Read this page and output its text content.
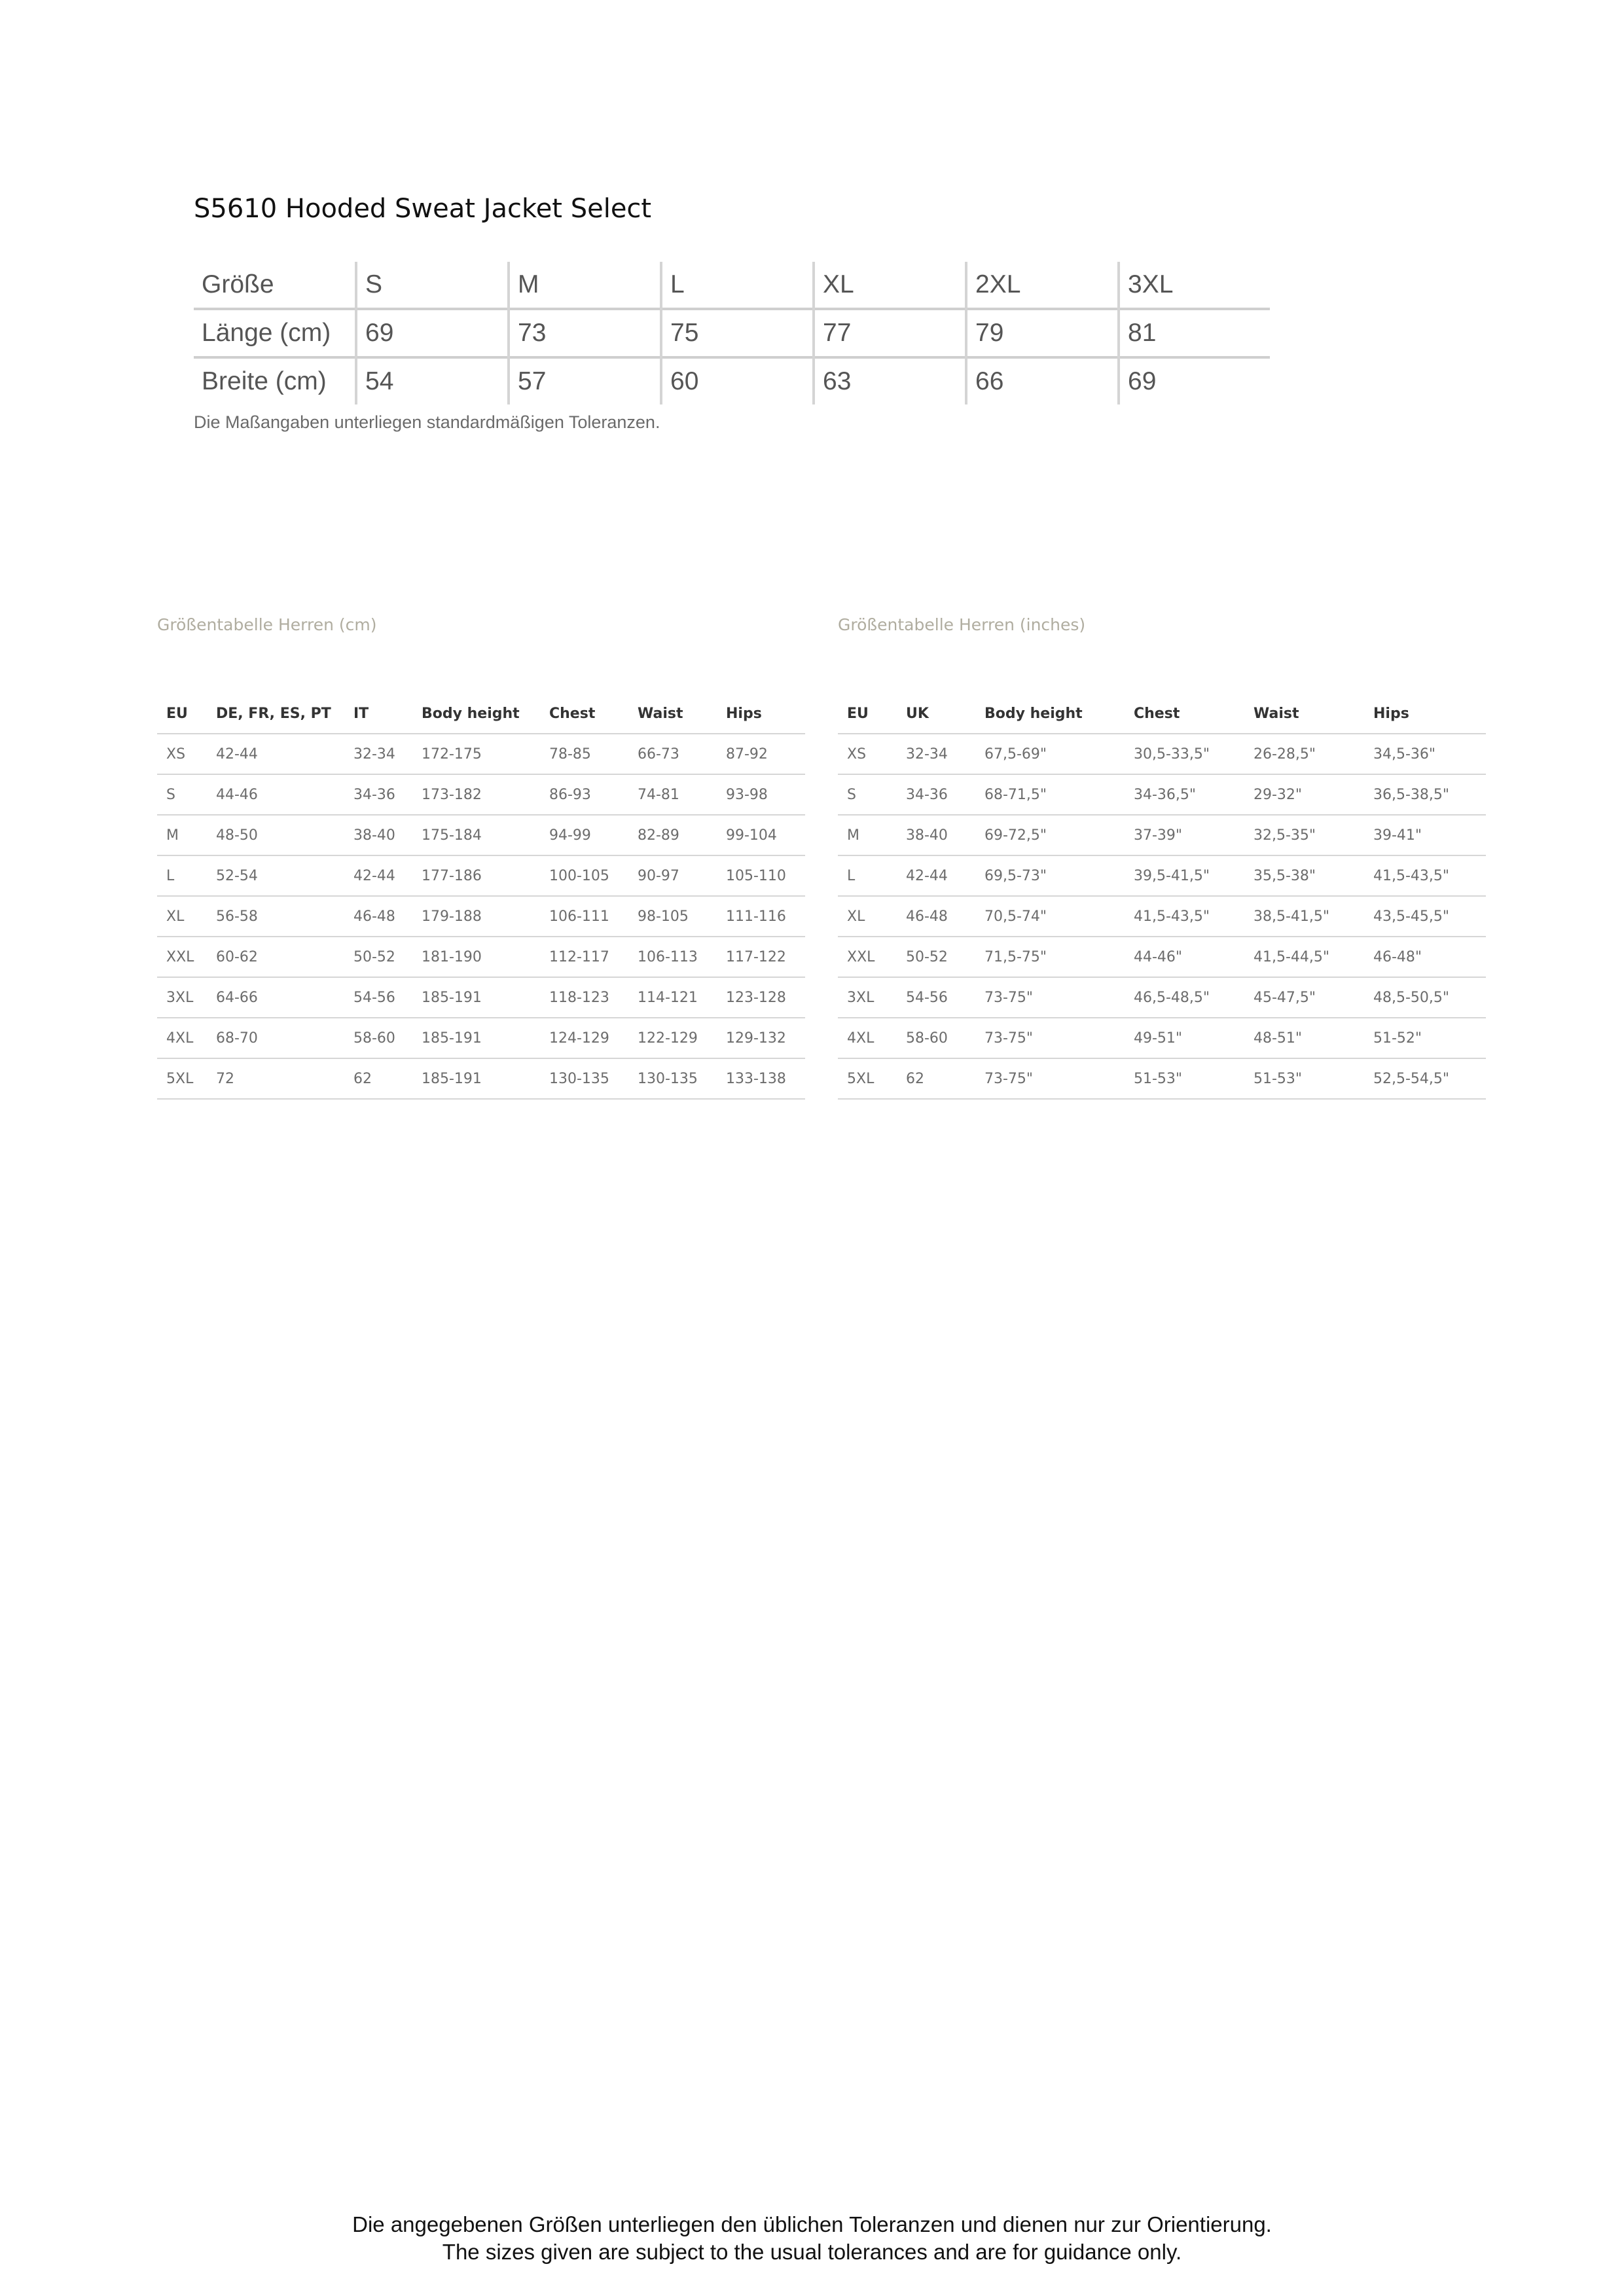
S5610 Hooded Sweat Jacket Select
Größe	S	M	L	XL	2XL	3XL
Länge (cm)	69	73	75	77	79	81
Breite (cm)	54	57	60	63	66	69

Die Maßangaben unterliegen standardmäßigen Toleranzen.

Größentabelle Herren (cm)

EU	DE, FR, ES, PT	IT	Body height	Chest	Waist	Hips
XS	42-44	32-34	172-175	78-85	66-73	87-92
S	44-46	34-36	173-182	86-93	74-81	93-98
M	48-50	38-40	175-184	94-99	82-89	99-104
L	52-54	42-44	177-186	100-105	90-97	105-110
XL	56-58	46-48	179-188	106-111	98-105	111-116
XXL	60-62	50-52	181-190	112-117	106-113	117-122
3XL	64-66	54-56	185-191	118-123	114-121	123-128
4XL	68-70	58-60	185-191	124-129	122-129	129-132
5XL	72	62	185-191	130-135	130-135	133-138

Größentabelle Herren (inches)

EU	UK	Body height	Chest	Waist	Hips
XS	32-34	67,5-69"	30,5-33,5"	26-28,5"	34,5-36"
S	34-36	68-71,5"	34-36,5"	29-32"	36,5-38,5"
M	38-40	69-72,5"	37-39"	32,5-35"	39-41"
L	42-44	69,5-73"	39,5-41,5"	35,5-38"	41,5-43,5"
XL	46-48	70,5-74"	41,5-43,5"	38,5-41,5"	43,5-45,5"
XXL	50-52	71,5-75"	44-46"	41,5-44,5"	46-48"
3XL	54-56	73-75"	46,5-48,5"	45-47,5"	48,5-50,5"
4XL	58-60	73-75"	49-51"	48-51"	51-52"
5XL	62	73-75"	51-53"	51-53"	52,5-54,5"

Die angegebenen Größen unterliegen den üblichen Toleranzen und dienen nur zur Orientierung.

The sizes given are subject to the usual tolerances and are for guidance only.
